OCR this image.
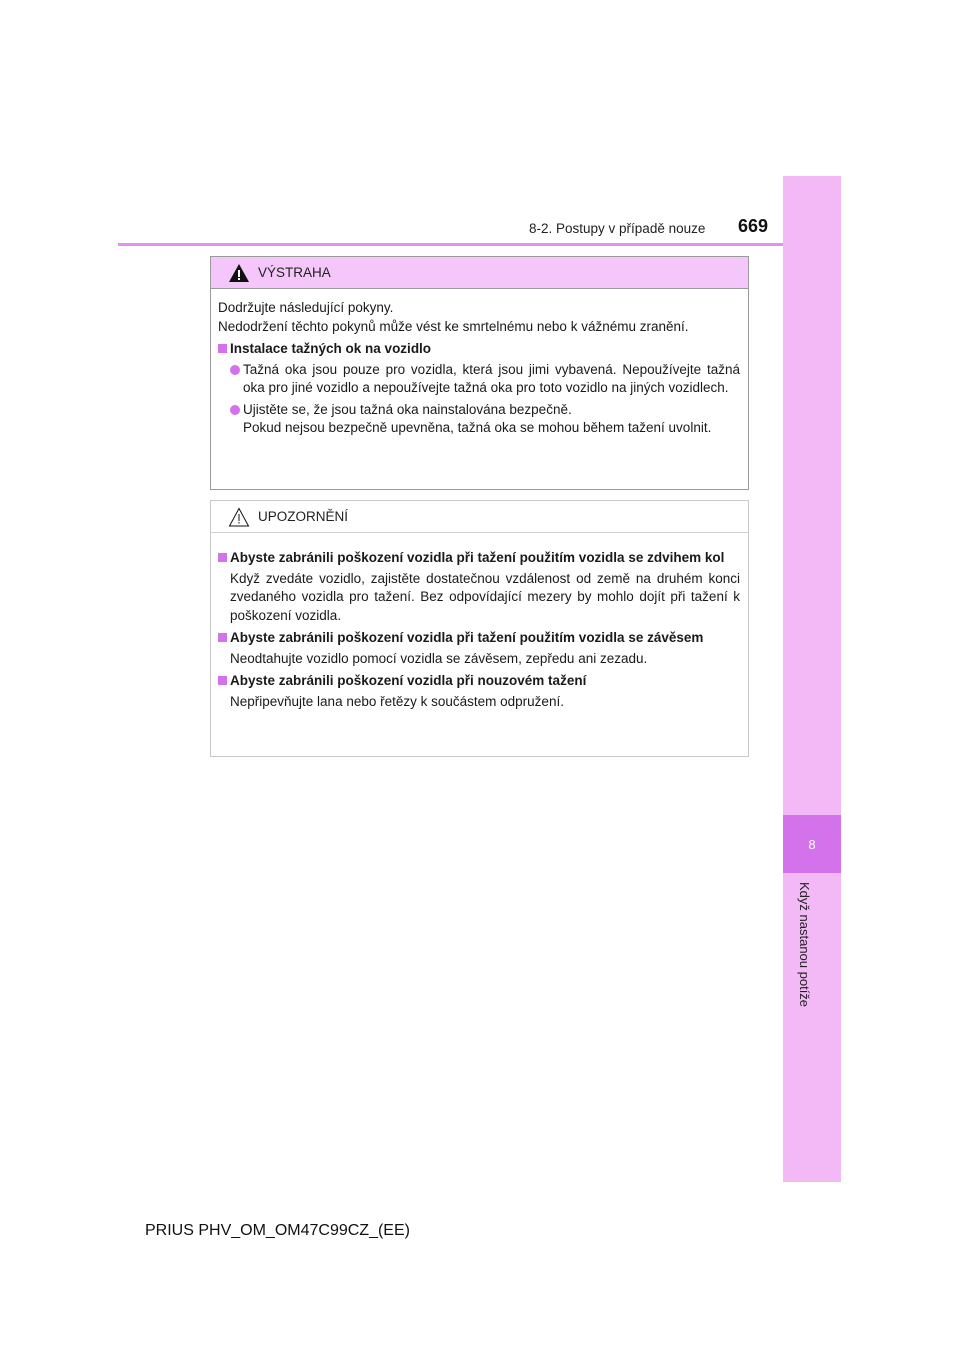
8-2. Postupy v případě nouze 669
8
Když nastanou potíže
VÝSTRAHA

Dodržujte následující pokyny.

Nedodržení těchto pokynů může vést ke smrtelnému nebo k vážnému zranění.

Instalace tažných ok na vozidlo

Tažná oka jsou pouze pro vozidla, která jsou jimi vybavená. Nepoužívejte tažná oka pro jiné vozidlo a nepoužívejte tažná oka pro toto vozidlo na jiných vozidlech.

Ujistěte se, že jsou tažná oka nainstalována bezpečně.
Pokud nejsou bezpečně upevněna, tažná oka se mohou během tažení uvolnit.

UPOZORNĚNÍ

Abyste zabránili poškození vozidla při tažení použitím vozidla se zdvihem kol

Když zvedáte vozidlo, zajistěte dostatečnou vzdálenost od země na druhém konci zvedaného vozidla pro tažení. Bez odpovídající mezery by mohlo dojít při tažení k poškození vozidla.

Abyste zabránili poškození vozidla při tažení použitím vozidla se závěsem

Neodtahujte vozidlo pomocí vozidla se závěsem, zepředu ani zezadu.

Abyste zabránili poškození vozidla při nouzovém tažení

Nepřipevňujte lana nebo řetězy k součástem odpružení.

PRIUS PHV_OM_OM47C99CZ_(EE)
